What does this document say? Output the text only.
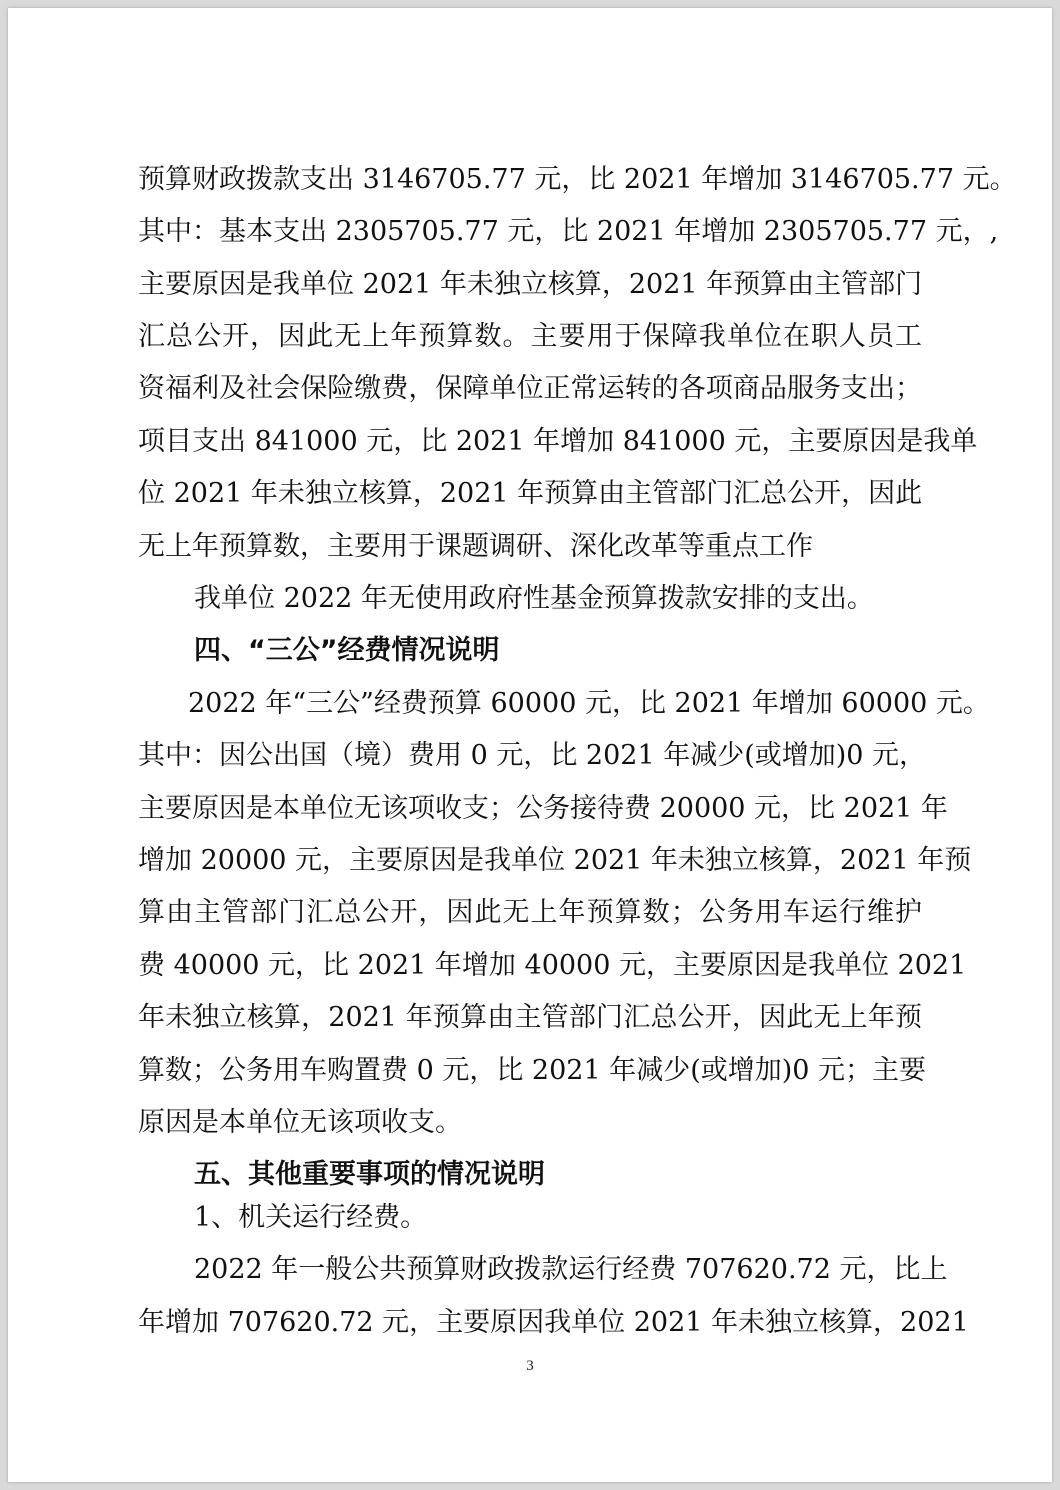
预算财政拨款支出 3146705.77 元，比 2021 年增加 3146705.77 元。
其中：基本支出 2305705.77 元，比 2021 年增加 2305705.77 元，,
主要原因是我单位 2021 年未独立核算，2021 年预算由主管部门
汇总公开，因此无上年预算数。主要用于保障我单位在职人员工
资福利及社会保险缴费，保障单位正常运转的各项商品服务支出；
项目支出 841000 元，比 2021 年增加 841000 元，主要原因是我单
位 2021 年未独立核算，2021 年预算由主管部门汇总公开，因此
无上年预算数，主要用于课题调研、深化改革等重点工作
我单位 2022 年无使用政府性基金预算拨款安排的支出。
四、“三公”经费情况说明
2022 年“三公”经费预算 60000 元，比 2021 年增加 60000 元。
其中：因公出国（境）费用 0 元，比 2021 年减少(或增加)0 元，
主要原因是本单位无该项收支；公务接待费 20000 元，比 2021 年
增加 20000 元，主要原因是我单位 2021 年未独立核算，2021 年预
算由主管部门汇总公开，因此无上年预算数；公务用车运行维护
费 40000 元，比 2021 年增加 40000 元，主要原因是我单位 2021
年未独立核算，2021 年预算由主管部门汇总公开，因此无上年预
算数；公务用车购置费 0 元，比 2021 年减少(或增加)0 元；主要
原因是本单位无该项收支。
五、其他重要事项的情况说明
1、机关运行经费。
2022 年一般公共预算财政拨款运行经费 707620.72 元，比上
年增加 707620.72 元，主要原因我单位 2021 年未独立核算，2021
3
